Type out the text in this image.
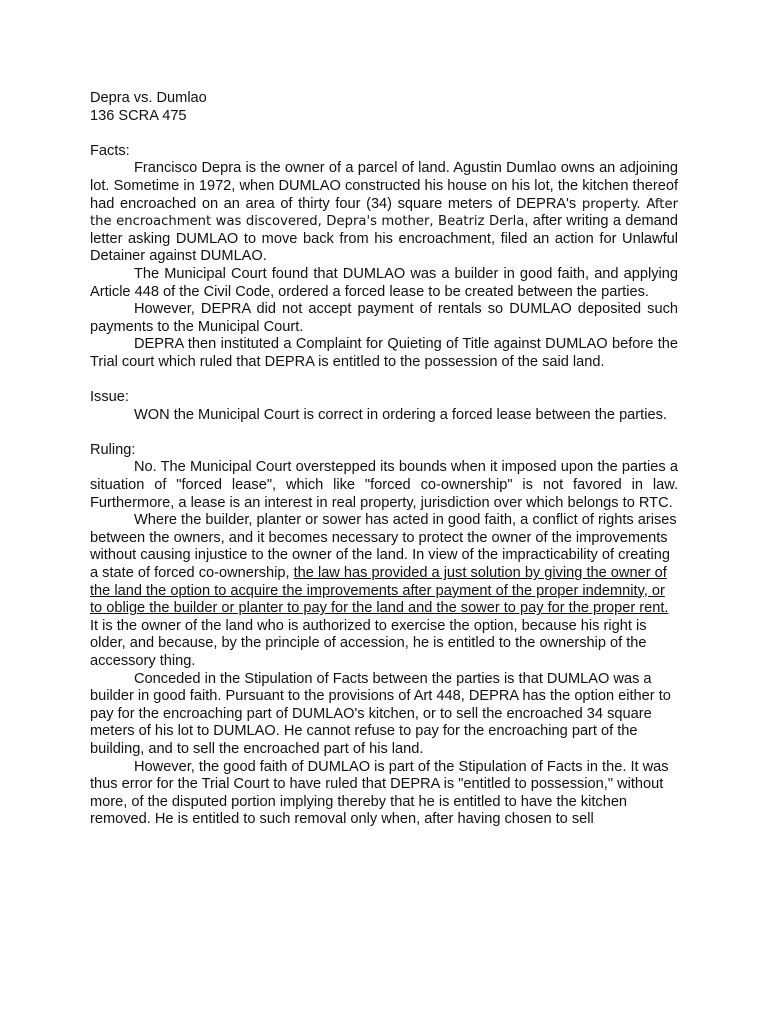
Depra vs. Dumlao
136 SCRA 475
Facts:
Francisco Depra is the owner of a parcel of land. Agustin Dumlao owns an adjoining lot. Sometime in 1972, when DUMLAO constructed his house on his lot, the kitchen thereof had encroached on an area of thirty four (34) square meters of DEPRA's property. After the encroachment was discovered, Depra's mother, Beatriz Derla, after writing a demand letter asking DUMLAO to move back from his encroachment, filed an action for Unlawful Detainer against DUMLAO.
The Municipal Court found that DUMLAO was a builder in good faith, and applying Article 448 of the Civil Code, ordered a forced lease to be created between the parties.
However, DEPRA did not accept payment of rentals so DUMLAO deposited such payments to the Municipal Court.
DEPRA then instituted a Complaint for Quieting of Title against DUMLAO before the Trial court which ruled that DEPRA is entitled to the possession of the said land.
Issue:
WON the Municipal Court is correct in ordering a forced lease between the parties.
Ruling:
No. The Municipal Court overstepped its bounds when it imposed upon the parties a situation of "forced lease", which like "forced co-ownership" is not favored in law. Furthermore, a lease is an interest in real property, jurisdiction over which belongs to RTC.
Where the builder, planter or sower has acted in good faith, a conflict of rights arises between the owners, and it becomes necessary to protect the owner of the improvements without causing injustice to the owner of the land. In view of the impracticability of creating a state of forced co-ownership, the law has provided a just solution by giving the owner of the land the option to acquire the improvements after payment of the proper indemnity, or to oblige the builder or planter to pay for the land and the sower to pay for the proper rent. It is the owner of the land who is authorized to exercise the option, because his right is older, and because, by the principle of accession, he is entitled to the ownership of the accessory thing.
Conceded in the Stipulation of Facts between the parties is that DUMLAO was a builder in good faith. Pursuant to the provisions of Art 448, DEPRA has the option either to pay for the encroaching part of DUMLAO's kitchen, or to sell the encroached 34 square meters of his lot to DUMLAO. He cannot refuse to pay for the encroaching part of the building, and to sell the encroached part of his land.
However, the good faith of DUMLAO is part of the Stipulation of Facts in the. It was thus error for the Trial Court to have ruled that DEPRA is "entitled to possession," without more, of the disputed portion implying thereby that he is entitled to have the kitchen removed. He is entitled to such removal only when, after having chosen to sell
